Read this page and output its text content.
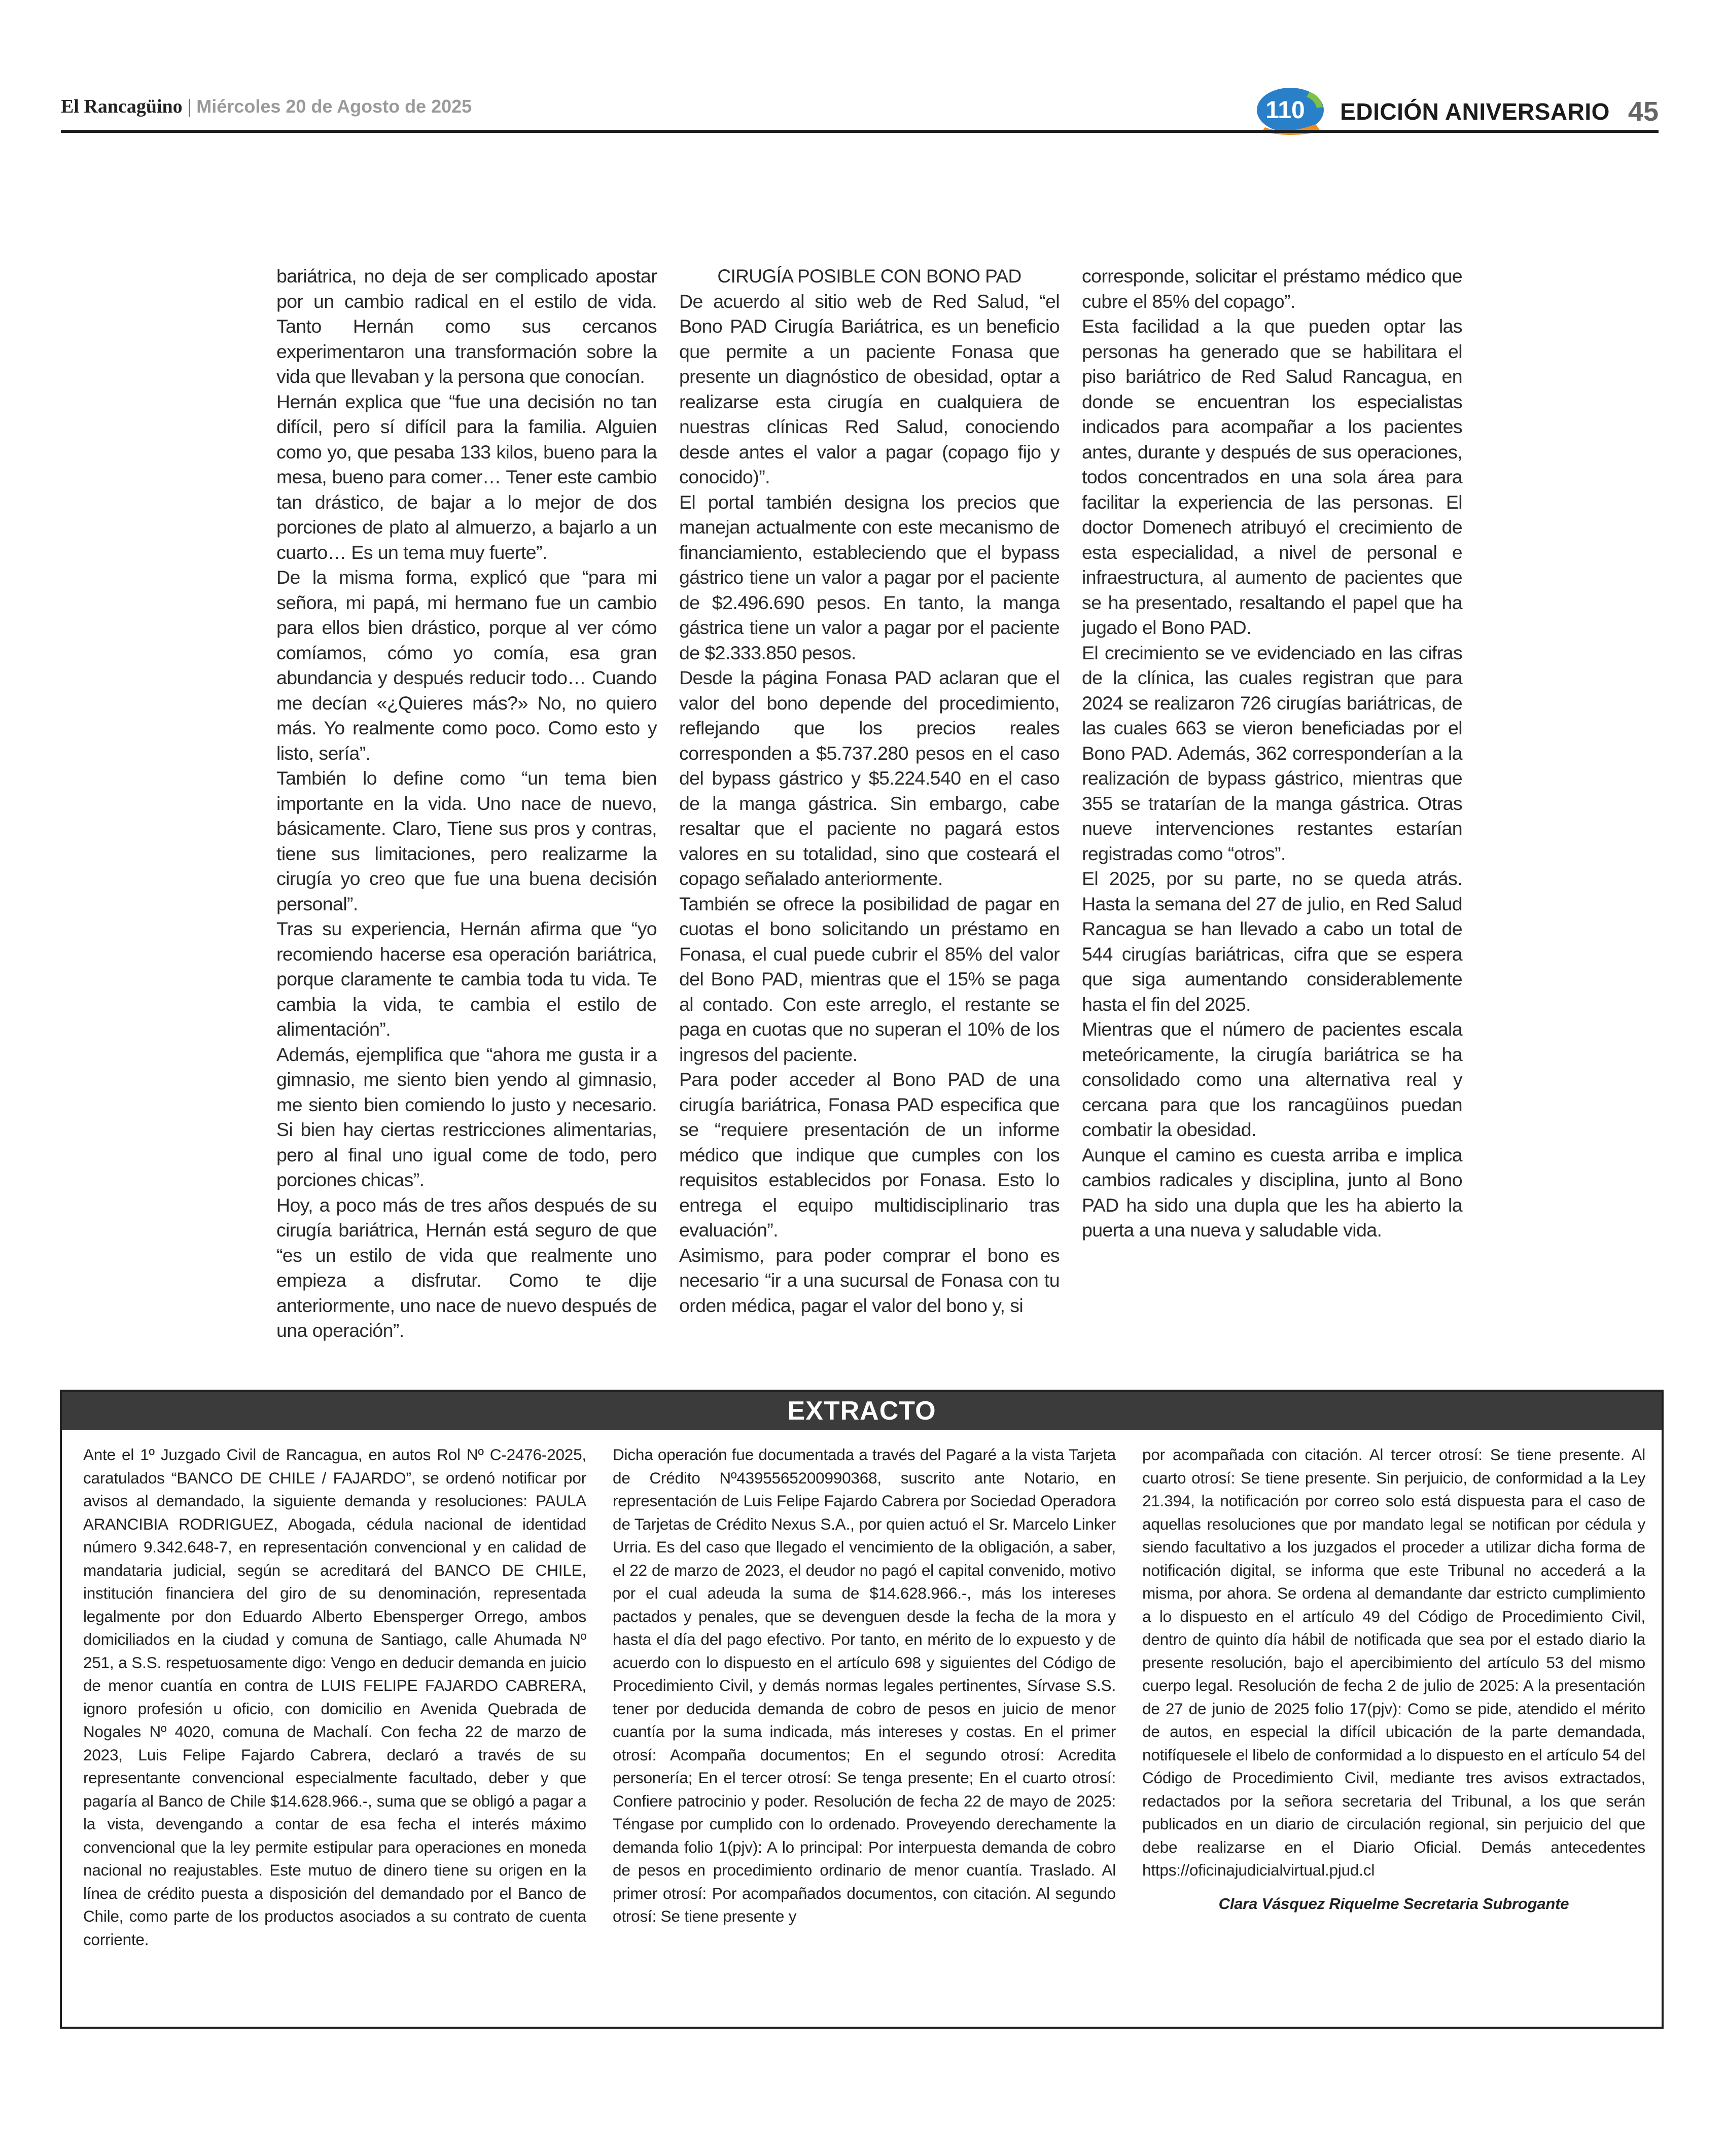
El Rancagüino | Miércoles 20 de Agosto de 2025	110 EDICIÓN ANIVERSARIO 45

bariátrica, no deja de ser complicado apostar por un cambio radical en el estilo de vida. Tanto Hernán como sus cercanos experimentaron una transformación sobre la vida que llevaban y la persona que conocían.

Hernán explica que “fue una decisión no tan difícil, pero sí difícil para la familia. Alguien como yo, que pesaba 133 kilos, bueno para la mesa, bueno para comer… Tener este cambio tan drástico, de bajar a lo mejor de dos porciones de plato al almuerzo, a bajarlo a un cuarto… Es un tema muy fuerte”.

De la misma forma, explicó que “para mi señora, mi papá, mi hermano fue un cambio para ellos bien drástico, porque al ver cómo comíamos, cómo yo comía, esa gran abundancia y después reducir todo… Cuando me decían «¿Quieres más?» No, no quiero más. Yo realmente como poco. Como esto y listo, sería”.

También lo define como “un tema bien importante en la vida. Uno nace de nuevo, básicamente. Claro, Tiene sus pros y contras, tiene sus limitaciones, pero realizarme la cirugía yo creo que fue una buena decisión personal”.

Tras su experiencia, Hernán afirma que “yo recomiendo hacerse esa operación bariátrica, porque claramente te cambia toda tu vida. Te cambia la vida, te cambia el estilo de alimentación”.

Además, ejemplifica que “ahora me gusta ir a gimnasio, me siento bien yendo al gimnasio, me siento bien comiendo lo justo y necesario. Si bien hay ciertas restricciones alimentarias, pero al final uno igual come de todo, pero porciones chicas”.

Hoy, a poco más de tres años después de su cirugía bariátrica, Hernán está seguro de que “es un estilo de vida que realmente uno empieza a disfrutar. Como te dije anteriormente, uno nace de nuevo después de una operación”.

CIRUGÍA POSIBLE CON BONO PAD

De acuerdo al sitio web de Red Salud, “el Bono PAD Cirugía Bariátrica, es un beneficio que permite a un paciente Fonasa que presente un diagnóstico de obesidad, optar a realizarse esta cirugía en cualquiera de nuestras clínicas Red Salud, conociendo desde antes el valor a pagar (copago fijo y conocido)”.

El portal también designa los precios que manejan actualmente con este mecanismo de financiamiento, estableciendo que el bypass gástrico tiene un valor a pagar por el paciente de $2.496.690 pesos. En tanto, la manga gástrica tiene un valor a pagar por el paciente de $2.333.850 pesos.

Desde la página Fonasa PAD aclaran que el valor del bono depende del procedimiento, reflejando que los precios reales corresponden a $5.737.280 pesos en el caso del bypass gástrico y $5.224.540 en el caso de la manga gástrica. Sin embargo, cabe resaltar que el paciente no pagará estos valores en su totalidad, sino que costeará el copago señalado anteriormente.

También se ofrece la posibilidad de pagar en cuotas el bono solicitando un préstamo en Fonasa, el cual puede cubrir el 85% del valor del Bono PAD, mientras que el 15% se paga al contado. Con este arreglo, el restante se paga en cuotas que no superan el 10% de los ingresos del paciente.

Para poder acceder al Bono PAD de una cirugía bariátrica, Fonasa PAD especifica que se “requiere presentación de un informe médico que indique que cumples con los requisitos establecidos por Fonasa. Esto lo entrega el equipo multidisciplinario tras evaluación”.

Asimismo, para poder comprar el bono es necesario “ir a una sucursal de Fonasa con tu orden médica, pagar el valor del bono y, si

corresponde, solicitar el préstamo médico que cubre el 85% del copago”.

Esta facilidad a la que pueden optar las personas ha generado que se habilitara el piso bariátrico de Red Salud Rancagua, en donde se encuentran los especialistas indicados para acompañar a los pacientes antes, durante y después de sus operaciones, todos concentrados en una sola área para facilitar la experiencia de las personas. El doctor Domenech atribuyó el crecimiento de esta especialidad, a nivel de personal e infraestructura, al aumento de pacientes que se ha presentado, resaltando el papel que ha jugado el Bono PAD.

El crecimiento se ve evidenciado en las cifras de la clínica, las cuales registran que para 2024 se realizaron 726 cirugías bariátricas, de las cuales 663 se vieron beneficiadas por el Bono PAD. Además, 362 corresponderían a la realización de bypass gástrico, mientras que 355 se tratarían de la manga gástrica. Otras nueve intervenciones restantes estarían registradas como “otros”.

El 2025, por su parte, no se queda atrás. Hasta la semana del 27 de julio, en Red Salud Rancagua se han llevado a cabo un total de 544 cirugías bariátricas, cifra que se espera que siga aumentando considerablemente hasta el fin del 2025.

Mientras que el número de pacientes escala meteóricamente, la cirugía bariátrica se ha consolidado como una alternativa real y cercana para que los rancagüinos puedan combatir la obesidad.

Aunque el camino es cuesta arriba e implica cambios radicales y disciplina, junto al Bono PAD ha sido una dupla que les ha abierto la puerta a una nueva y saludable vida.

EXTRACTO

Ante el 1º Juzgado Civil de Rancagua, en autos Rol Nº C-2476-2025, caratulados “BANCO DE CHILE / FAJARDO”, se ordenó notificar por avisos al demandado, la siguiente demanda y resoluciones: PAULA ARANCIBIA RODRIGUEZ, Abogada, cédula nacional de identidad número 9.342.648-7, en representación convencional y en calidad de mandataria judicial, según se acreditará del BANCO DE CHILE, institución financiera del giro de su denominación, representada legalmente por don Eduardo Alberto Ebensperger Orrego, ambos domiciliados en la ciudad y comuna de Santiago, calle Ahumada Nº 251, a S.S. respetuosamente digo: Vengo en deducir demanda en juicio de menor cuantía en contra de LUIS FELIPE FAJARDO CABRERA, ignoro profesión u oficio, con domicilio en Avenida Quebrada de Nogales Nº 4020, comuna de Machalí. Con fecha 22 de marzo de 2023, Luis Felipe Fajardo Cabrera, declaró a través de su representante convencional especialmente facultado, deber y que pagaría al Banco de Chile $14.628.966.-, suma que se obligó a pagar a la vista, devengando a contar de esa fecha el interés máximo convencional que la ley permite estipular para operaciones en moneda nacional no reajustables. Este mutuo de dinero tiene su origen en la línea de crédito puesta a disposición del demandado por el Banco de Chile, como parte de los productos asociados a su contrato de cuenta corriente.

Dicha operación fue documentada a través del Pagaré a la vista Tarjeta de Crédito Nº4395565200990368, suscrito ante Notario, en representación de Luis Felipe Fajardo Cabrera por Sociedad Operadora de Tarjetas de Crédito Nexus S.A., por quien actuó el Sr. Marcelo Linker Urria. Es del caso que llegado el vencimiento de la obligación, a saber, el 22 de marzo de 2023, el deudor no pagó el capital convenido, motivo por el cual adeuda la suma de $14.628.966.-, más los intereses pactados y penales, que se devenguen desde la fecha de la mora y hasta el día del pago efectivo. Por tanto, en mérito de lo expuesto y de acuerdo con lo dispuesto en el artículo 698 y siguientes del Código de Procedimiento Civil, y demás normas legales pertinentes, Sírvase S.S. tener por deducida demanda de cobro de pesos en juicio de menor cuantía por la suma indicada, más intereses y costas. En el primer otrosí: Acompaña documentos; En el segundo otrosí: Acredita personería; En el tercer otrosí: Se tenga presente; En el cuarto otrosí: Confiere patrocinio y poder. Resolución de fecha 22 de mayo de 2025: Téngase por cumplido con lo ordenado. Proveyendo derechamente la demanda folio 1(pjv): A lo principal: Por interpuesta demanda de cobro de pesos en procedimiento ordinario de menor cuantía. Traslado. Al primer otrosí: Por acompañados documentos, con citación. Al segundo otrosí: Se tiene presente y

por acompañada con citación. Al tercer otrosí: Se tiene presente. Al cuarto otrosí: Se tiene presente. Sin perjuicio, de conformidad a la Ley 21.394, la notificación por correo solo está dispuesta para el caso de aquellas resoluciones que por mandato legal se notifican por cédula y siendo facultativo a los juzgados el proceder a utilizar dicha forma de notificación digital, se informa que este Tribunal no accederá a la misma, por ahora. Se ordena al demandante dar estricto cumplimiento a lo dispuesto en el artículo 49 del Código de Procedimiento Civil, dentro de quinto día hábil de notificada que sea por el estado diario la presente resolución, bajo el apercibimiento del artículo 53 del mismo cuerpo legal. Resolución de fecha 2 de julio de 2025: A la presentación de 27 de junio de 2025 folio 17(pjv): Como se pide, atendido el mérito de autos, en especial la difícil ubicación de la parte demandada, notifíquesele el libelo de conformidad a lo dispuesto en el artículo 54 del Código de Procedimiento Civil, mediante tres avisos extractados, redactados por la señora secretaria del Tribunal, a los que serán publicados en un diario de circulación regional, sin perjuicio del que debe realizarse en el Diario Oficial. Demás antecedentes https://oficinajudicialvirtual.pjud.cl

Clara Vásquez Riquelme Secretaria Subrogante
